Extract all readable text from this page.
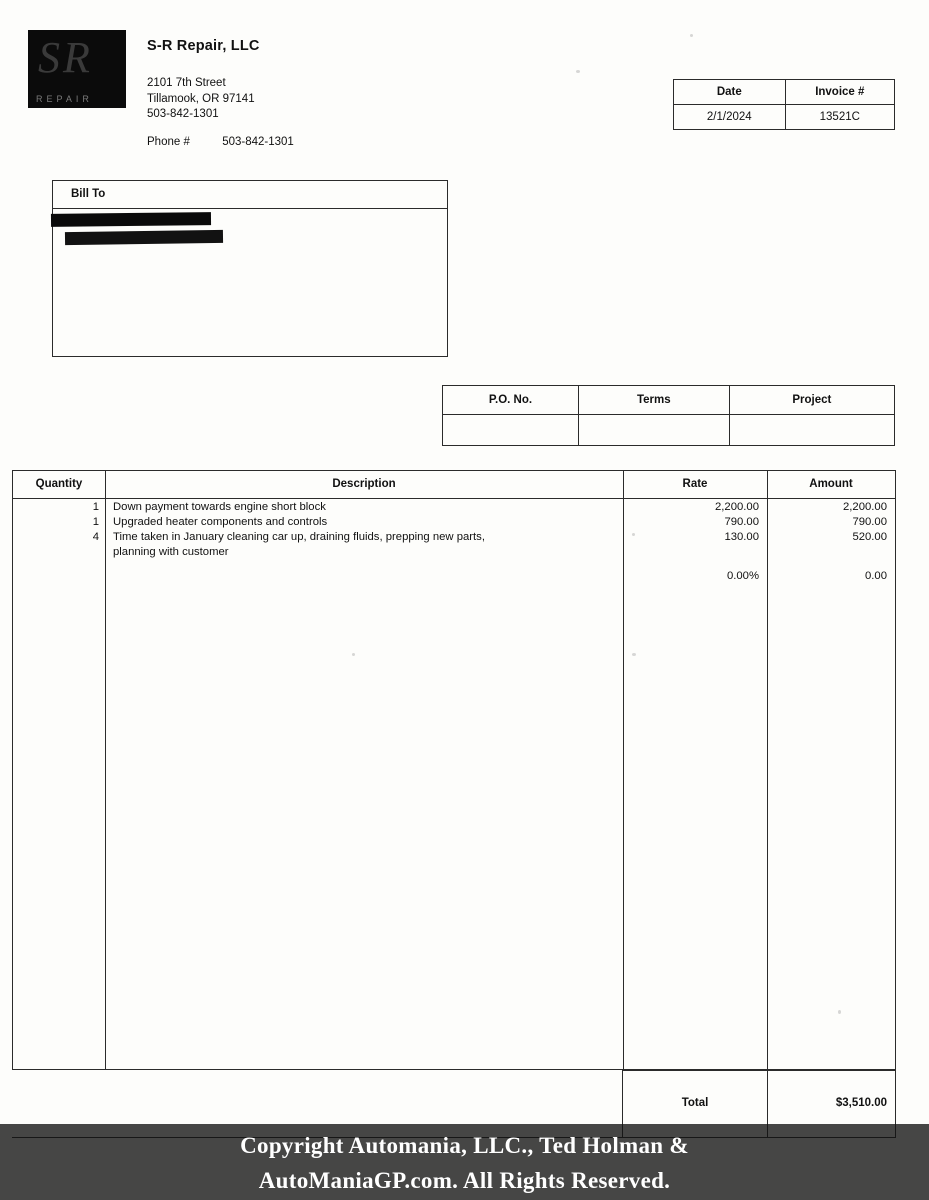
SR
REPAIR
S-R Repair, LLC
2101 7th Street
Tillamook, OR 97141
503-842-1301
Phone #	503-842-1301
Date	Invoice #
2/1/2024	13521C
Bill To
P.O. No.	Terms	Project

Quantity	Description	Rate	Amount
1 Down payment towards engine short block	2,200.00	2,200.00
1 Upgraded heater components and controls	790.00	790.00
4 Time taken in January cleaning car up, draining fluids, prepping new parts,	130.00	520.00
planning with customer
0.00%	0.00
Total	$3,510.00
Copyright Automania, LLC., Ted Holman &
AutoManiaGP.com. All Rights Reserved.
